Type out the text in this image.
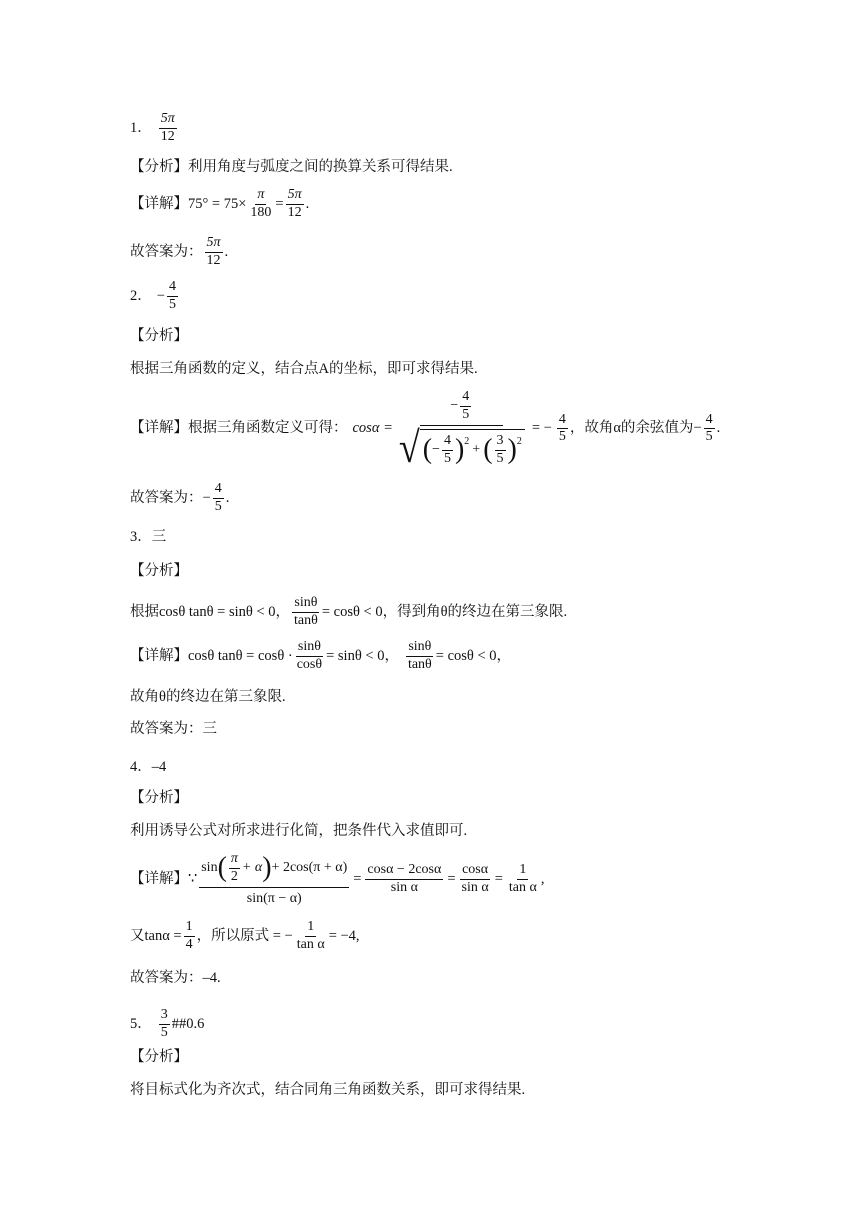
1． $\frac{5\pi}{12}$
【分析】利用角度与弧度之间的换算关系可得结果.
【详解】 $75^\circ = 75\times \frac{\pi}{180} = \frac{5\pi}{12}$ .
故答案为： $\frac{5\pi}{12}$ .
2． − $\frac{4}{5}$
【分析】
根据三角函数的定义，结合点A的坐标，即可求得结果.
【详解】 根据三角函数定义可得： cosα =
− $\frac{4}{5}$
√ ( − $\frac{4}{5}$ ) 2
+ ( $\frac{3}{5}$ ) 2
= − $\frac{4}{5}$ ，故角α的余弦值为 − $\frac{4}{5}$ .
故答案为： − $\frac{4}{5}$ .
3．三
【分析】
根据cosθ tanθ = sinθ < 0， $\frac{\sin\theta}{\tan\theta} = \cos\theta < 0$，得到角θ的终边在第三象限.
【详解】 cosθ $\tan\theta = \cos\theta \cdot \frac{\sin\theta}{\cos\theta} = \sin\theta < 0$， $\frac{\sin\theta}{\tan\theta} = \cos\theta < 0$，
故角θ的终边在第三象限.
故答案为：三
4．–4
【分析】
利用诱导公式对所求进行化简，把条件代入求值即可.
【详解】 ∵
sin ( $\frac{\pi}{2} + \alpha$ ) + 2cos(π + α)
sin(π − α)
= $\frac{\cos\alpha - 2\cos\alpha}{\text{sin α}} = \frac{\cos\alpha}{\text{sin α}} = \frac{1}{\text{tan α}}$ ,
又$\tan\alpha = \frac{1}{4}$ ，所以原式 = − $\frac{1}{\text{tan α}} = -4$,
故答案为：–4.
5． $\frac{3}{5}$ ##0.6
【分析】
将目标式化为齐次式，结合同角三角函数关系，即可求得结果.
